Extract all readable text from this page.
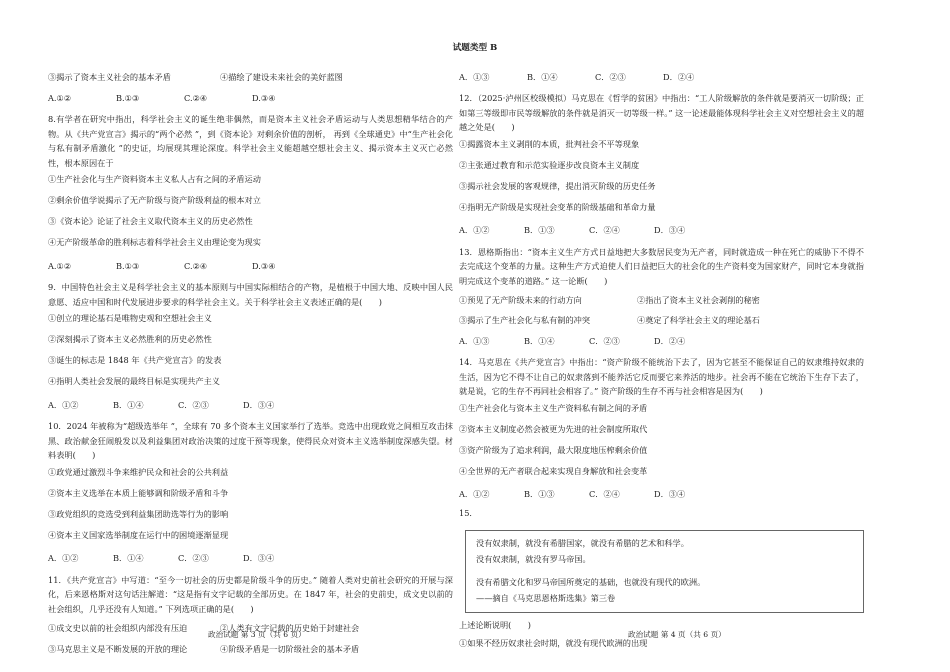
试题类型 B
③揭示了资本主义社会的基本矛盾	④描绘了建设未来社会的美好蓝图
A.①②	B.①③	C.②④	D.③④
8.有学者在研究中指出，科学社会主义的诞生绝非偶然，而是资本主义社会矛盾运动与人类思想精华结合的产物。从《共产党宣言》揭示的“两个必然 ”，到《资本论》对剩余价值的剖析， 再到《全球通史》中“生产社会化与私有制矛盾激化 ”的史证，均展现其理论深度。科学社会主义能超越空想社会主义、揭示资本主义灭亡必然性，根本原因在于
①生产社会化与生产资料资本主义私人占有之间的矛盾运动
②剩余价值学说揭示了无产阶级与资产阶级利益的根本对立
③《资本论》论证了社会主义取代资本主义的历史必然性
④无产阶级革命的胜利标志着科学社会主义由理论变为现实
A.①②	B.①③	C.②④	D.③④
9．中国特色社会主义是科学社会主义的基本原则与中国实际相结合的产物，是植根于中国大地、反映中国人民意愿、适应中国和时代发展进步要求的科学社会主义。关于科学社会主义表述正确的是(　　)
①创立的理论基石是唯物史观和空想社会主义
②深刻揭示了资本主义必然胜利的历史必然性
③诞生的标志是 1848 年《共产党宣言》的发表
④指明人类社会发展的最终目标是实现共产主义
A．①②	B．①④	C．②③	D．③④
10．2024 年被称为“超级选举年 ”，全球有 70 多个资本主义国家举行了选举。竞选中出现政党之间相互攻击抹黑、政治献金狂闹般发以及利益集团对政治决策的过度干预等现象，使得民众对资本主义选举制度深感失望。材料表明(　　)
①政党通过激烈斗争来维护民众和社会的公共利益
②资本主义选举在本质上能够调和阶级矛盾和斗争
③政党组织的竞选受到利益集团助选等行为的影响
④资本主义国家选举制度在运行中的困境逐渐显现
A．①②	B．①④	C．②③	D．③④
11．《共产党宣言》中写道：“至今一切社会的历史都是阶级斗争的历史。” 随着人类对史前社会研究的开展与深化，后来恩格斯对这句话注解道：“这是指有文字记载的全部历史。在 1847 年，社会的史前史，成文史以前的社会组织，几乎还没有人知道。” 下列选项正确的是(　　)
①成文史以前的社会组织内部没有压迫	②人类有文字记载的历史始于封建社会
③马克思主义是不断发展的开放的理论	④阶级矛盾是一切阶级社会的基本矛盾
A．①③	B．①④	C．②③	D．②④
12．（2025·泸州区校级模拟）马克思在《哲学的贫困》中指出：“工人阶级解放的条件就是要消灭一切阶级；正如第三等级即市民等级解放的条件就是消灭一切等级一样。” 这一论述最能体现科学社会主义对空想社会主义的超越之处是(　　)
①揭露资本主义剥削的本质，批判社会不平等现象
②主张通过教育和示范实验逐步改良资本主义制度
③揭示社会发展的客观规律，提出消灭阶级的历史任务
④指明无产阶级是实现社会变革的阶级基础和革命力量
A．①②	B．①③	C．②④	D．③④
13．恩格斯指出：“资本主义生产方式日益地把大多数居民变为无产者，同时就造成一种在死亡的威胁下不得不去完成这个变革的力量。这种生产方式迫使人们日益把巨大的社会化的生产资料变为国家财产，同时它本身就指明完成这个变革的道路。” 这一论断(　　)
①预见了无产阶级未来的行动方向	②指出了资本主义社会剥削的秘密
③揭示了生产社会化与私有制的冲突	④奠定了科学社会主义的理论基石
A．①③	B．①④	C．②③	D．②④
14．马克思在《共产党宣言》中指出：“资产阶级不能统治下去了，因为它甚至不能保证自己的奴隶维持奴隶的生活，因为它不得不让自己的奴隶落到不能养活它反而要它来养活的地步。社会再不能在它统治下生存下去了，就是说，它的生存不再同社会相容了。” 资产阶级的生存不再与社会相容是因为(　　)
①生产社会化与资本主义生产资料私有制之间的矛盾
②资本主义制度必然会被更为先进的社会制度所取代
③资产阶级为了追求利润，最大限度地压榨剩余价值
④全世界的无产者联合起来实现自身解放和社会变革
A．①②	B．①③	C．②④	D．③④
15．
没有奴隶制，就没有希腊国家，就没有希腊的艺术和科学。
没有奴隶制，就没有罗马帝国。
没有希腊文化和罗马帝国所奠定的基础，也就没有现代的欧洲。
——摘自《马克思恩格斯选集》第三卷
上述论断说明(　　)
①如果不经历奴隶社会时期，就没有现代欧洲的出现
政治试题 第 3 页（共 6 页）	政治试题 第 4 页（共 6 页）
